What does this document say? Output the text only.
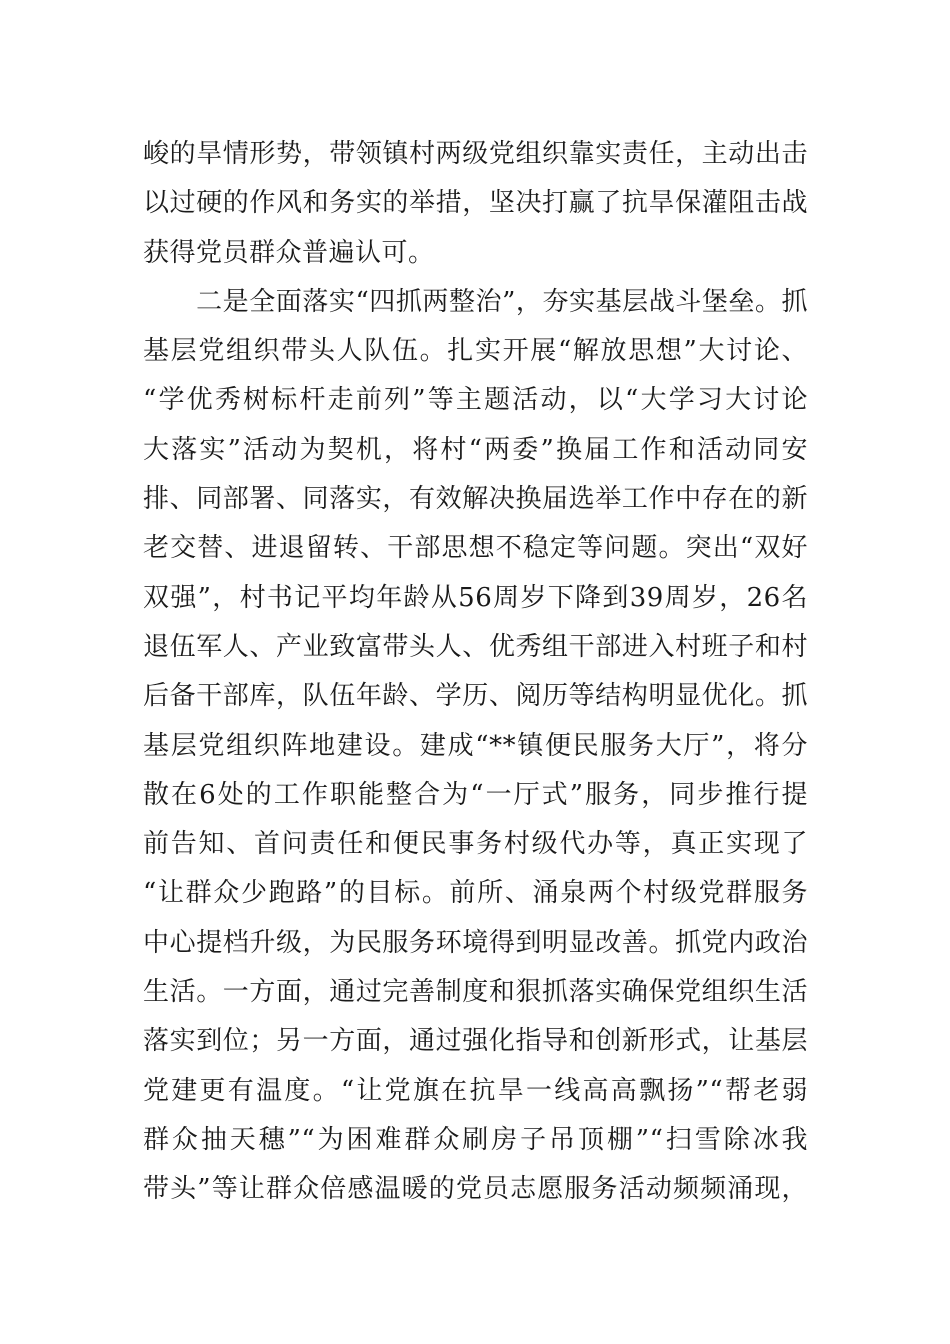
峻的旱情形势，带领镇村两级党组织靠实责任，主动出击
以过硬的作风和务实的举措，坚决打赢了抗旱保灌阻击战
获得党员群众普遍认可。
　　二是全面落实“四抓两整治”，夯实基层战斗堡垒。抓
基层党组织带头人队伍。扎实开展“解放思想”大讨论、
“学优秀树标杆走前列”等主题活动，以“大学习大讨论
大落实”活动为契机，将村“两委”换届工作和活动同安
排、同部署、同落实，有效解决换届选举工作中存在的新
老交替、进退留转、干部思想不稳定等问题。突出“双好
双强”，村书记平均年龄从56周岁下降到39周岁，26名
退伍军人、产业致富带头人、优秀组干部进入村班子和村
后备干部库，队伍年龄、学历、阅历等结构明显优化。抓
基层党组织阵地建设。建成“**镇便民服务大厅”，将分
散在6处的工作职能整合为“一厅式”服务，同步推行提
前告知、首问责任和便民事务村级代办等，真正实现了
“让群众少跑路”的目标。前所、涌泉两个村级党群服务
中心提档升级，为民服务环境得到明显改善。抓党内政治
生活。一方面，通过完善制度和狠抓落实确保党组织生活
落实到位；另一方面，通过强化指导和创新形式，让基层
党建更有温度。“让党旗在抗旱一线高高飘扬”“帮老弱
群众抽天穗”“为困难群众刷房子吊顶棚”“扫雪除冰我
带头”等让群众倍感温暖的党员志愿服务活动频频涌现，
